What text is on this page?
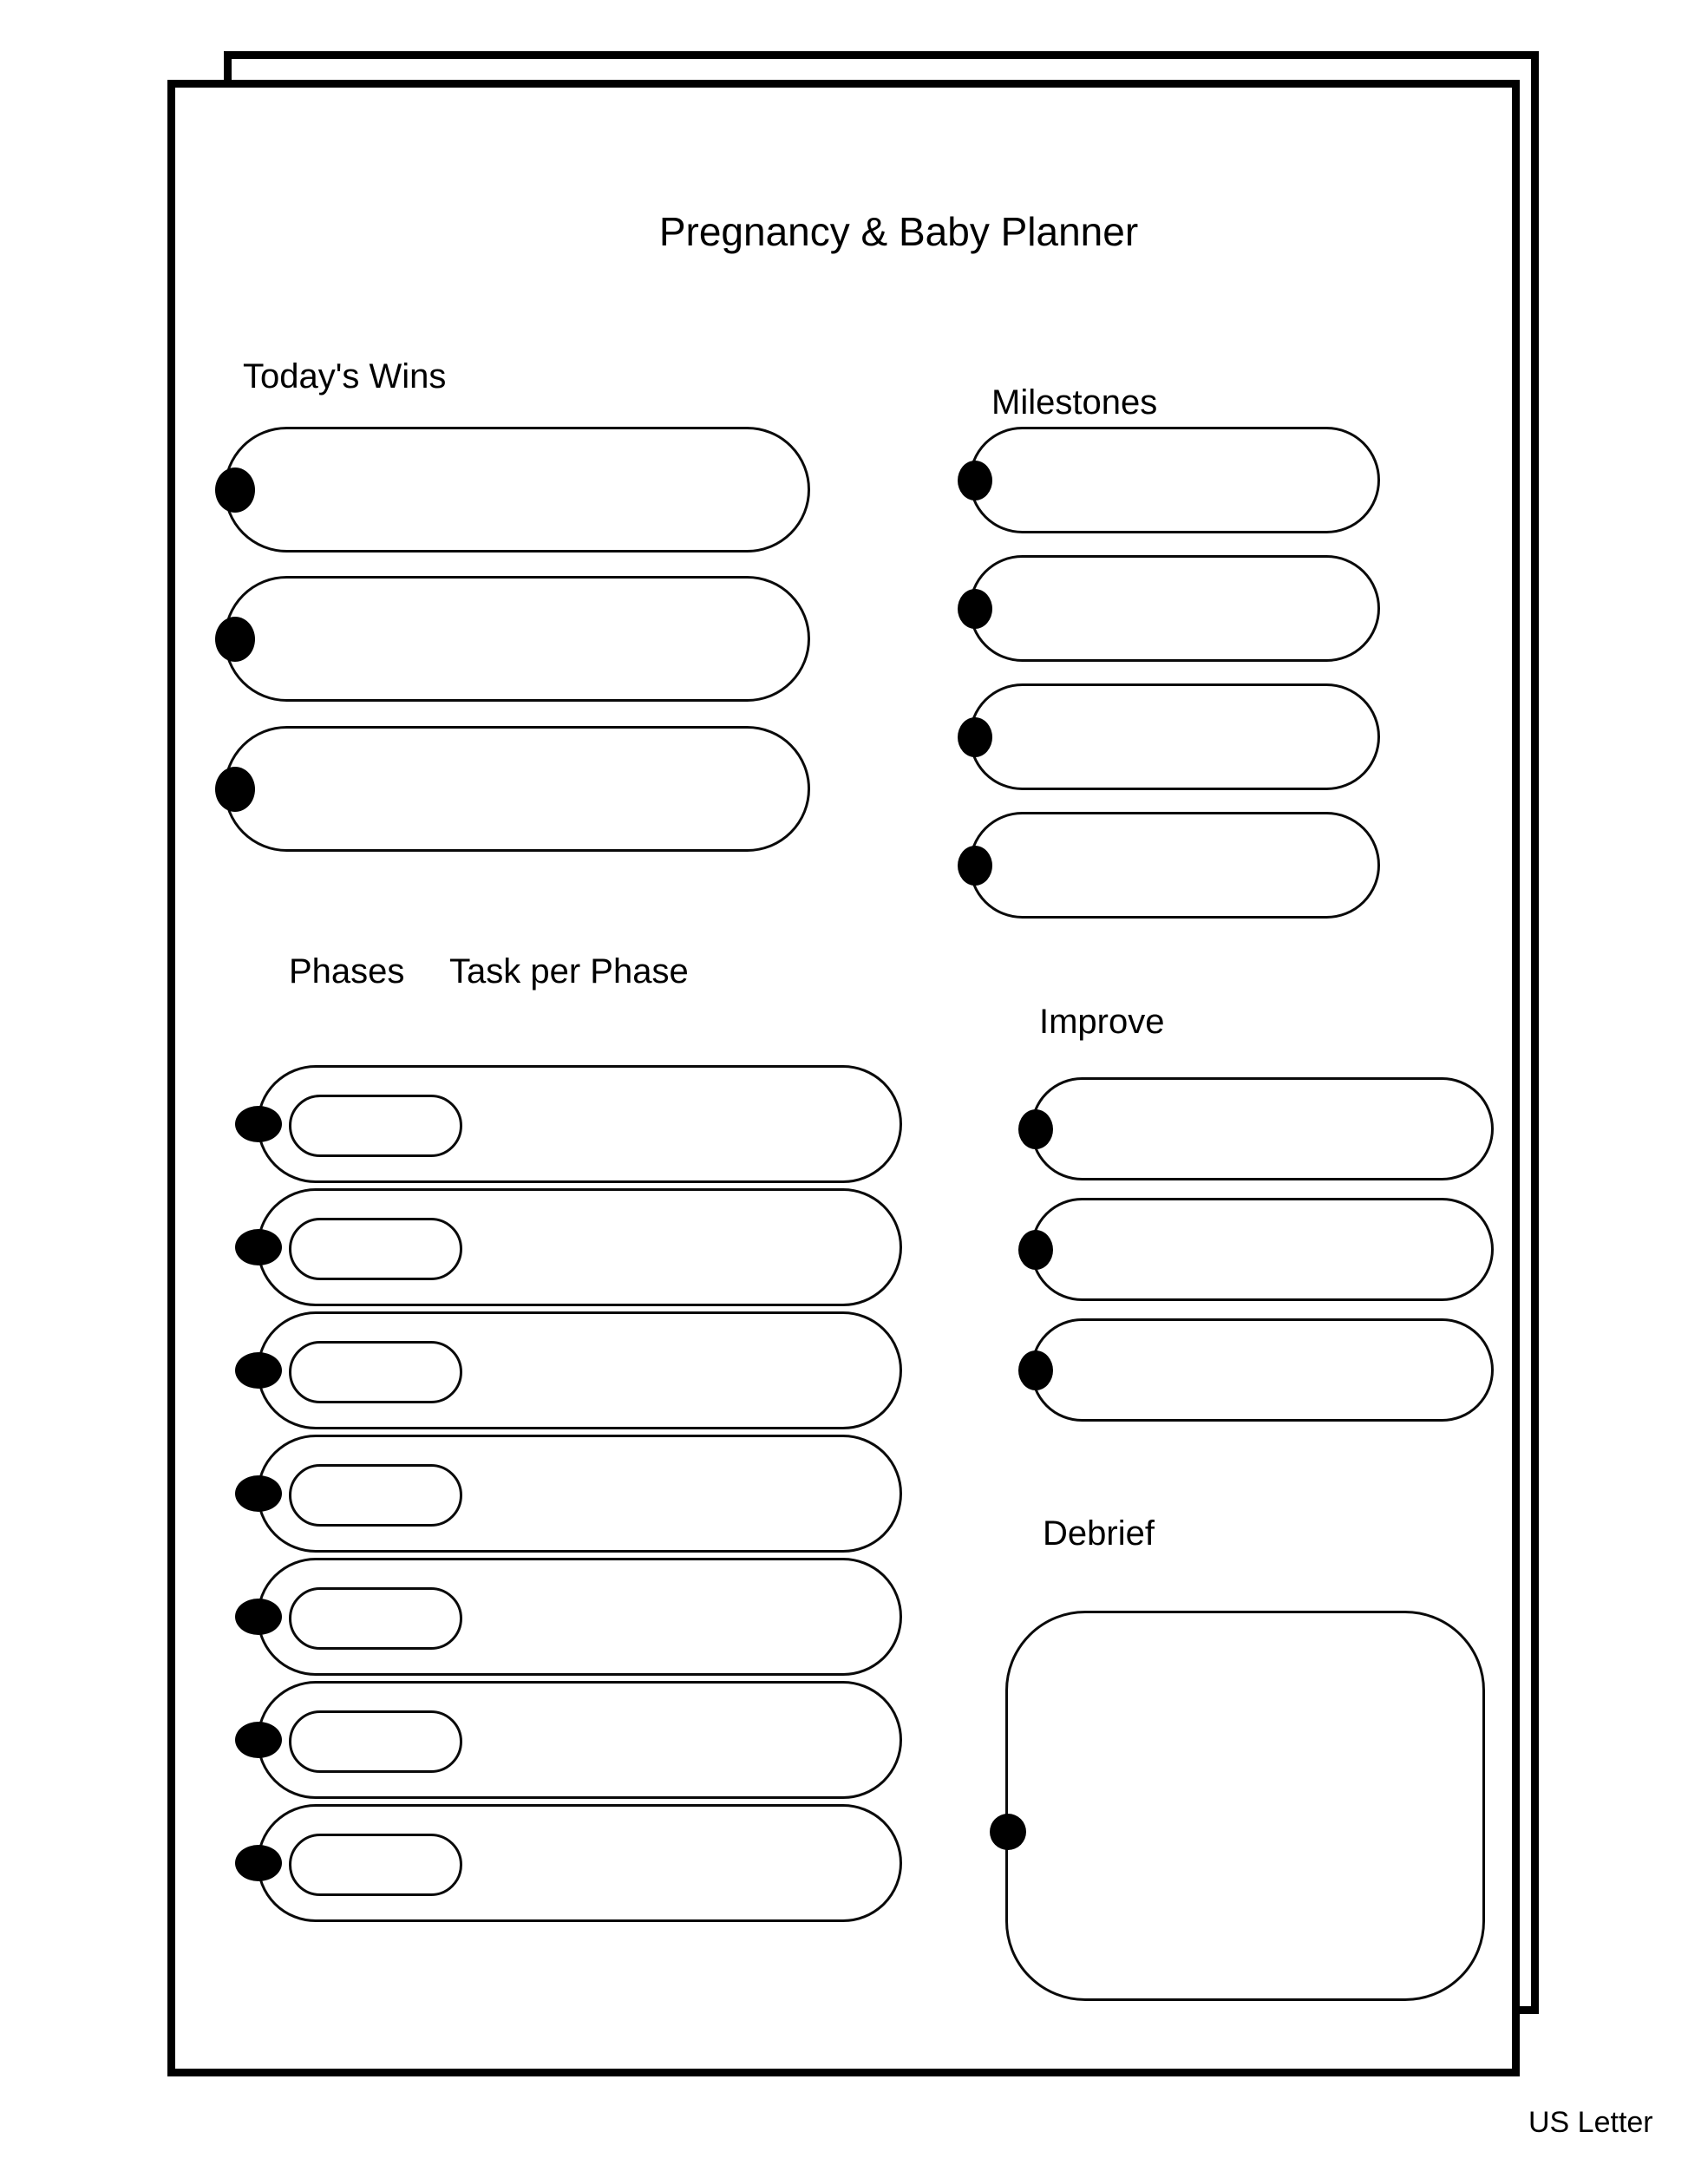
Pregnancy & Baby Planner
Today's Wins
Milestones
Phases Task per Phase
Improve
Debrief
US Letter
